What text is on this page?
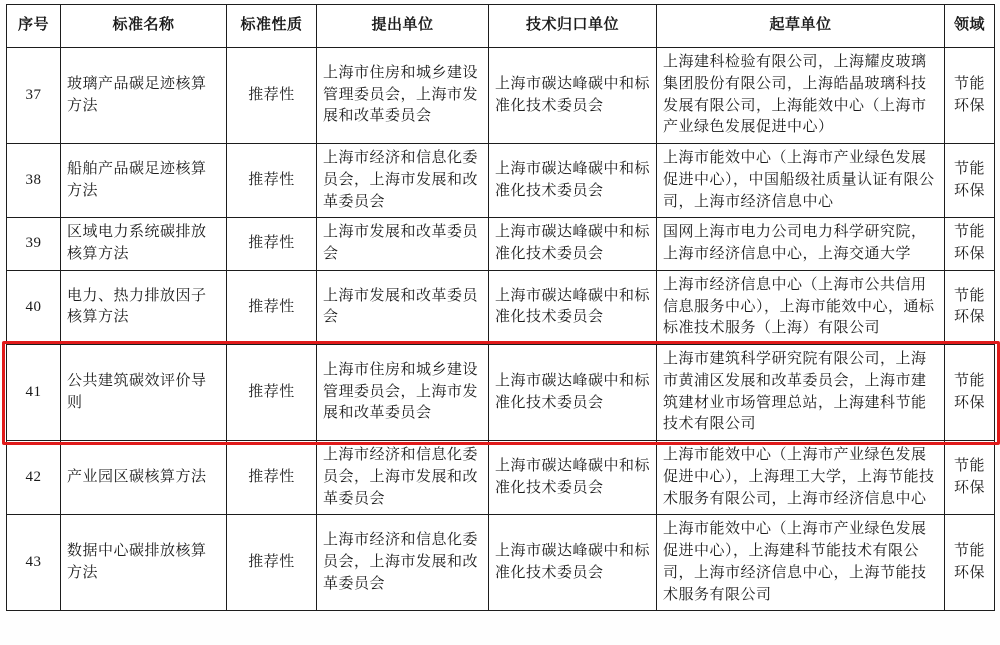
序号	标准名称	标准性质	提出单位	技术归口单位	起草单位	领域
37	玻璃产品碳足迹核算方法	推荐性	上海市住房和城乡建设管理委员会，上海市发展和改革委员会	上海市碳达峰碳中和标准化技术委员会	上海建科检验有限公司，上海耀皮玻璃集团股份有限公司，上海皓晶玻璃科技发展有限公司，上海能效中心（上海市产业绿色发展促进中心）	节能
环保

38	船舶产品碳足迹核算方法	推荐性	上海市经济和信息化委员会，上海市发展和改革委员会	上海市碳达峰碳中和标准化技术委员会	上海市能效中心（上海市产业绿色发展促进中心），中国船级社质量认证有限公司，上海市经济信息中心	节能
环保

39	区域电力系统碳排放核算方法	推荐性	上海市发展和改革委员会	上海市碳达峰碳中和标准化技术委员会	国网上海市电力公司电力科学研究院，上海市经济信息中心，上海交通大学	节能
环保

40	电力、热力排放因子核算方法	推荐性	上海市发展和改革委员会	上海市碳达峰碳中和标准化技术委员会	上海市经济信息中心（上海市公共信用信息服务中心），上海市能效中心，通标标准技术服务（上海）有限公司	节能
环保

41	公共建筑碳效评价导则	推荐性	上海市住房和城乡建设管理委员会，上海市发展和改革委员会	上海市碳达峰碳中和标准化技术委员会	上海市建筑科学研究院有限公司，上海市黄浦区发展和改革委员会，上海市建筑建材业市场管理总站，上海建科节能技术有限公司	节能
环保

42	产业园区碳核算方法	推荐性	上海市经济和信息化委员会，上海市发展和改革委员会	上海市碳达峰碳中和标准化技术委员会	上海市能效中心（上海市产业绿色发展促进中心），上海理工大学，上海节能技术服务有限公司，上海市经济信息中心	节能
环保

43	数据中心碳排放核算方法	推荐性	上海市经济和信息化委员会，上海市发展和改革委员会	上海市碳达峰碳中和标准化技术委员会	上海市能效中心（上海市产业绿色发展促进中心），上海建科节能技术有限公司，上海市经济信息中心，上海节能技术服务有限公司	节能
环保
